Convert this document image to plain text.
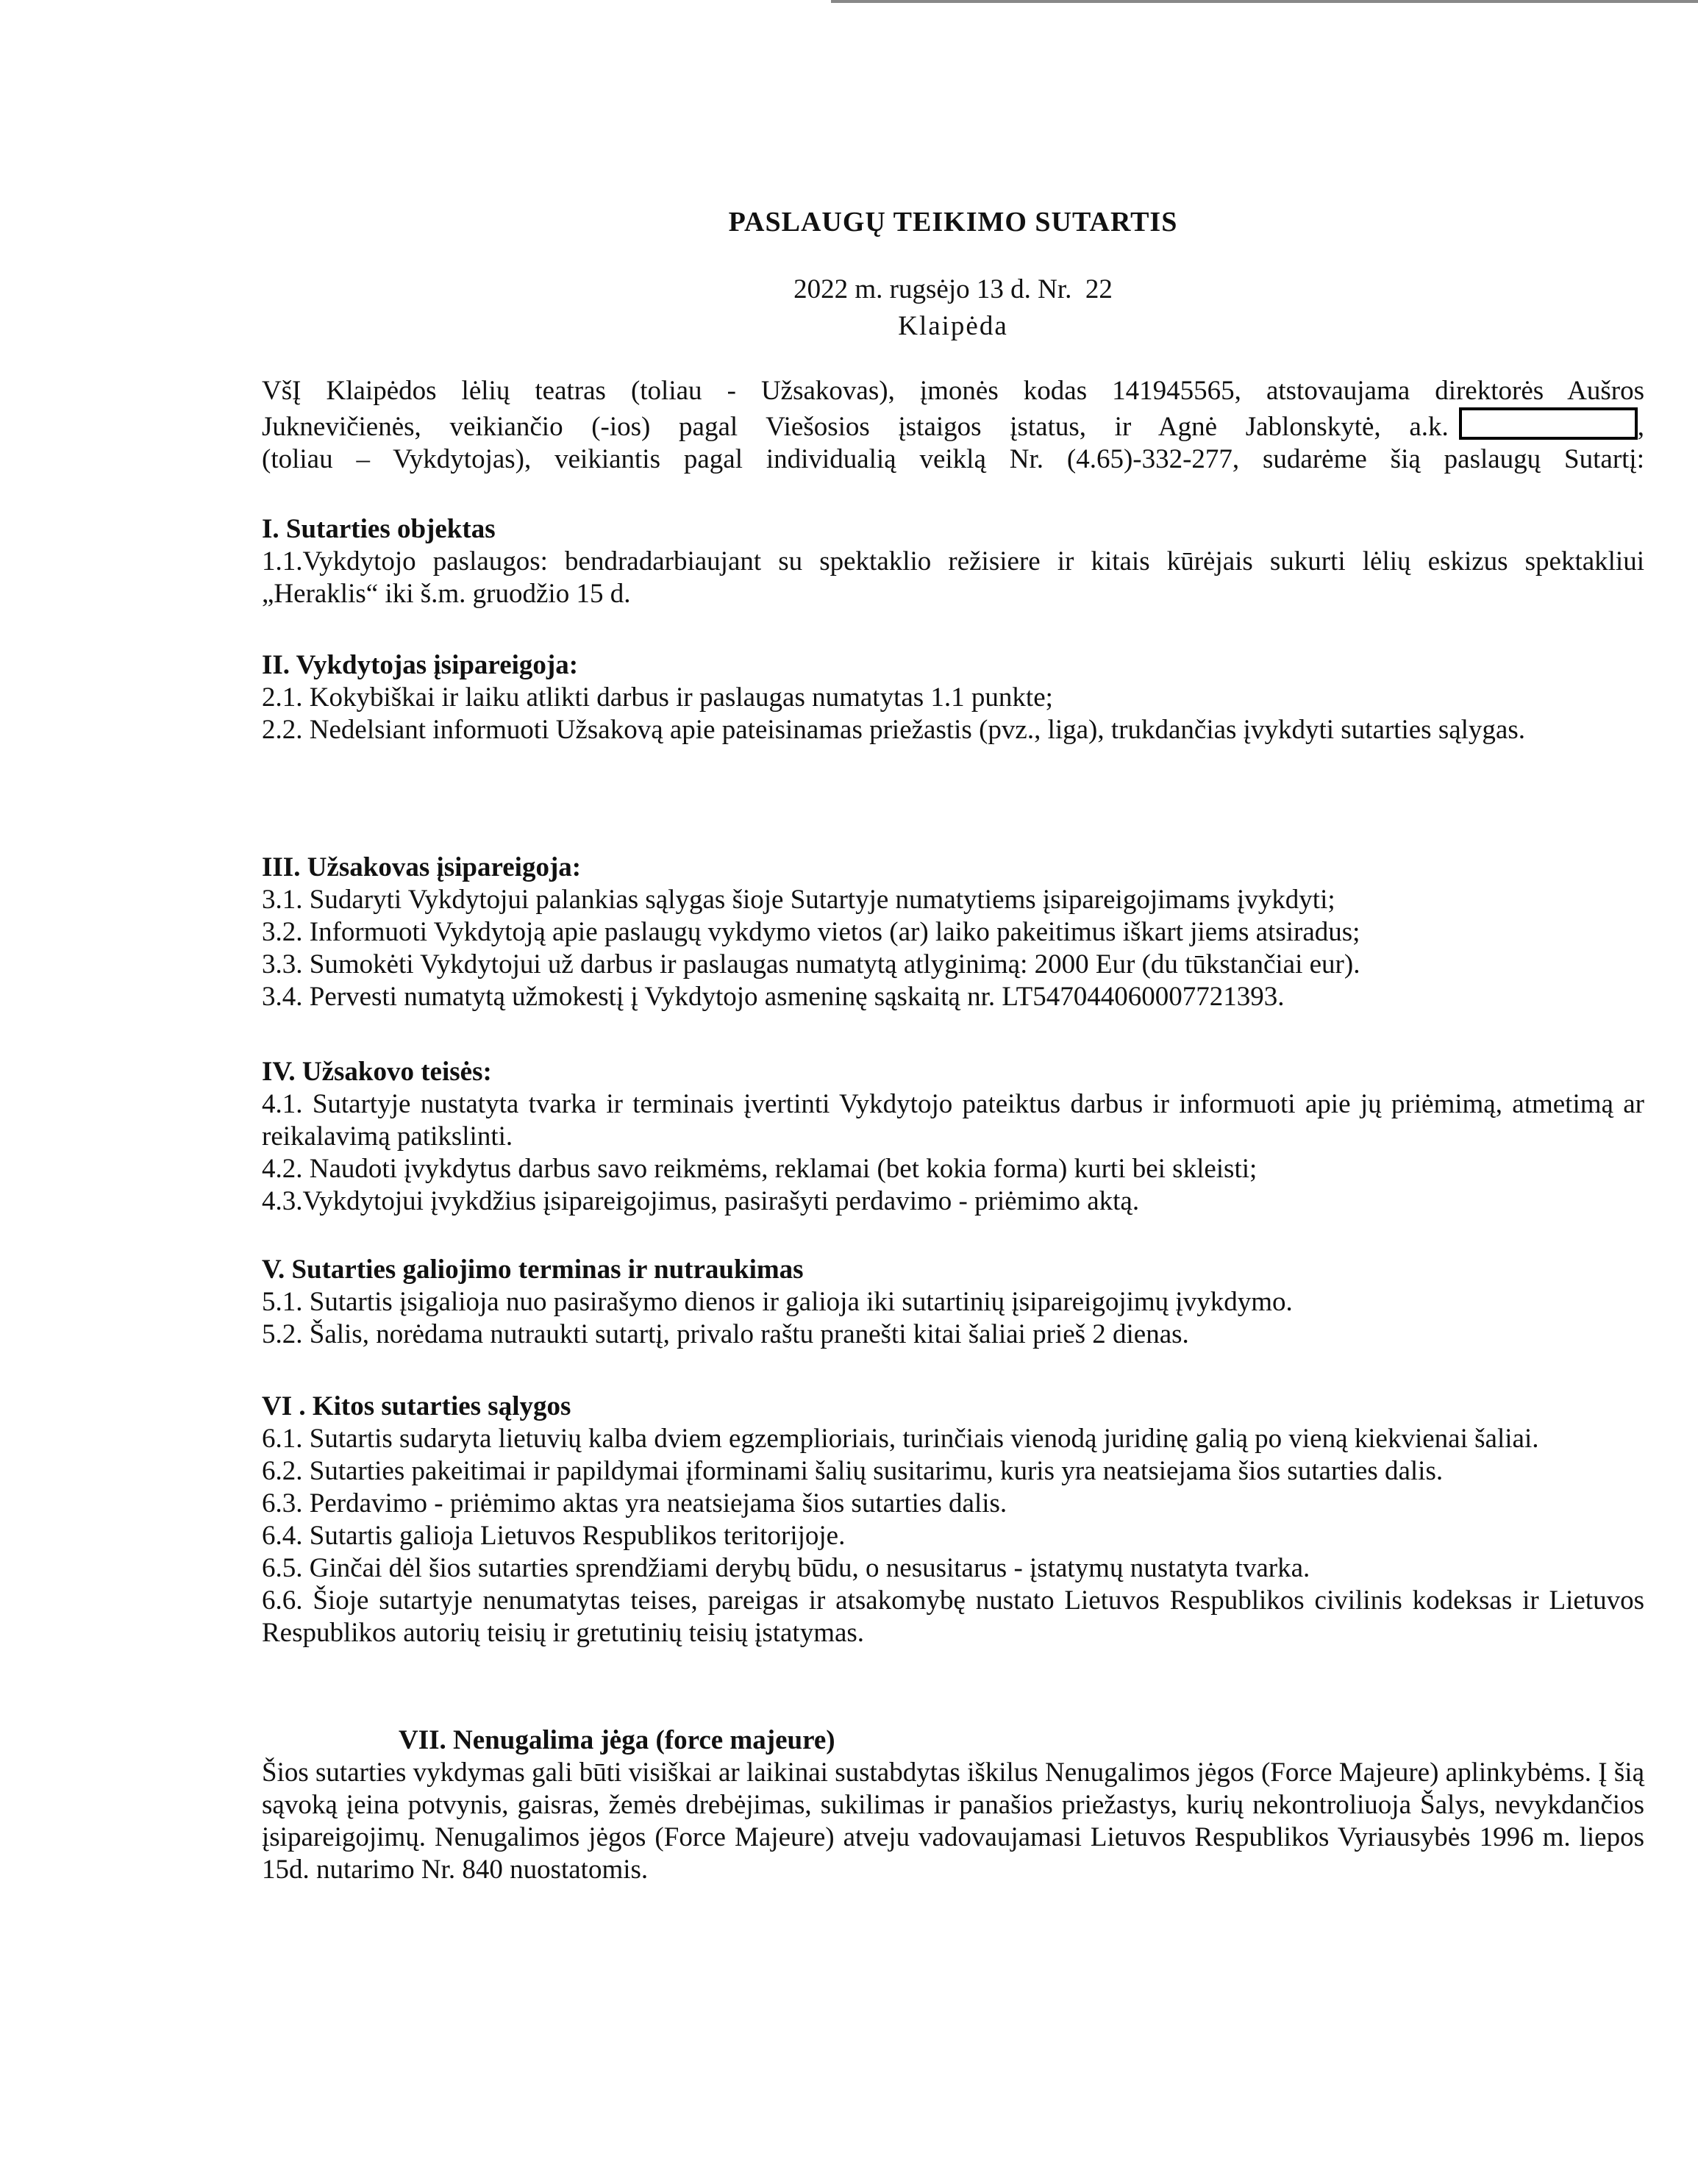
PASLAUGŲ TEIKIMO SUTARTIS
2022 m. rugsėjo 13 d. Nr.  22
Klaipėda

VšĮ Klaipėdos lėlių teatras (toliau - Užsakovas), įmonės kodas 141945565, atstovaujama direktorės Aušros

Juknevičienės, veikiančio (-ios) pagal Viešosios įstaigos įstatus, ir Agnė Jablonskytė, a.k.	,

(toliau – Vykdytojas), veikiantis pagal individualią veiklą Nr. (4.65)-332-277, sudarėme šią paslaugų Sutartį:

I. Sutarties objektas

1.1.Vykdytojo paslaugos: bendradarbiaujant su spektaklio režisiere ir kitais kūrėjais sukurti lėlių eskizus spektakliui „Heraklis“ iki š.m. gruodžio 15 d.

II. Vykdytojas įsipareigoja:

2.1. Kokybiškai ir laiku atlikti darbus ir paslaugas numatytas 1.1 punkte;

2.2. Nedelsiant informuoti Užsakovą apie pateisinamas priežastis (pvz., liga), trukdančias įvykdyti sutarties sąlygas.

III. Užsakovas įsipareigoja:

3.1. Sudaryti Vykdytojui palankias sąlygas šioje Sutartyje numatytiems įsipareigojimams įvykdyti;

3.2. Informuoti Vykdytoją apie paslaugų vykdymo vietos (ar) laiko pakeitimus iškart jiems atsiradus;

3.3. Sumokėti Vykdytojui už darbus ir paslaugas numatytą atlyginimą: 2000 Eur (du tūkstančiai eur).

3.4. Pervesti numatytą užmokestį į Vykdytojo asmeninę sąskaitą nr. LT547044060007721393.

IV. Užsakovo teisės:

4.1. Sutartyje nustatyta tvarka ir terminais įvertinti Vykdytojo pateiktus darbus ir informuoti apie jų priėmimą, atmetimą ar reikalavimą patikslinti.

4.2. Naudoti įvykdytus darbus savo reikmėms, reklamai (bet kokia forma) kurti bei skleisti;

4.3.Vykdytojui įvykdžius įsipareigojimus, pasirašyti perdavimo - priėmimo aktą.

V. Sutarties galiojimo terminas ir nutraukimas

5.1. Sutartis įsigalioja nuo pasirašymo dienos ir galioja iki sutartinių įsipareigojimų įvykdymo.

5.2. Šalis, norėdama nutraukti sutartį, privalo raštu pranešti kitai šaliai prieš 2 dienas.

VI . Kitos sutarties sąlygos

6.1. Sutartis sudaryta lietuvių kalba dviem egzemplioriais, turinčiais vienodą juridinę galią po vieną kiekvienai šaliai.

6.2. Sutarties pakeitimai ir papildymai įforminami šalių susitarimu, kuris yra neatsiejama šios sutarties dalis.

6.3. Perdavimo - priėmimo aktas yra neatsiejama šios sutarties dalis.

6.4. Sutartis galioja Lietuvos Respublikos teritorijoje.

6.5. Ginčai dėl šios sutarties sprendžiami derybų būdu, o nesusitarus - įstatymų nustatyta tvarka.

6.6. Šioje sutartyje nenumatytas teises, pareigas ir atsakomybę nustato Lietuvos Respublikos civilinis kodeksas ir Lietuvos Respublikos autorių teisių ir gretutinių teisių įstatymas.

VII. Nenugalima jėga (force majeure)

Šios sutarties vykdymas gali būti visiškai ar laikinai sustabdytas iškilus Nenugalimos jėgos (Force Majeure) aplinkybėms. Į šią sąvoką įeina potvynis, gaisras, žemės drebėjimas, sukilimas ir panašios priežastys, kurių nekontroliuoja Šalys, nevykdančios įsipareigojimų. Nenugalimos jėgos (Force Majeure) atveju vadovaujamasi Lietuvos Respublikos Vyriausybės 1996 m. liepos 15d. nutarimo Nr. 840 nuostatomis.
